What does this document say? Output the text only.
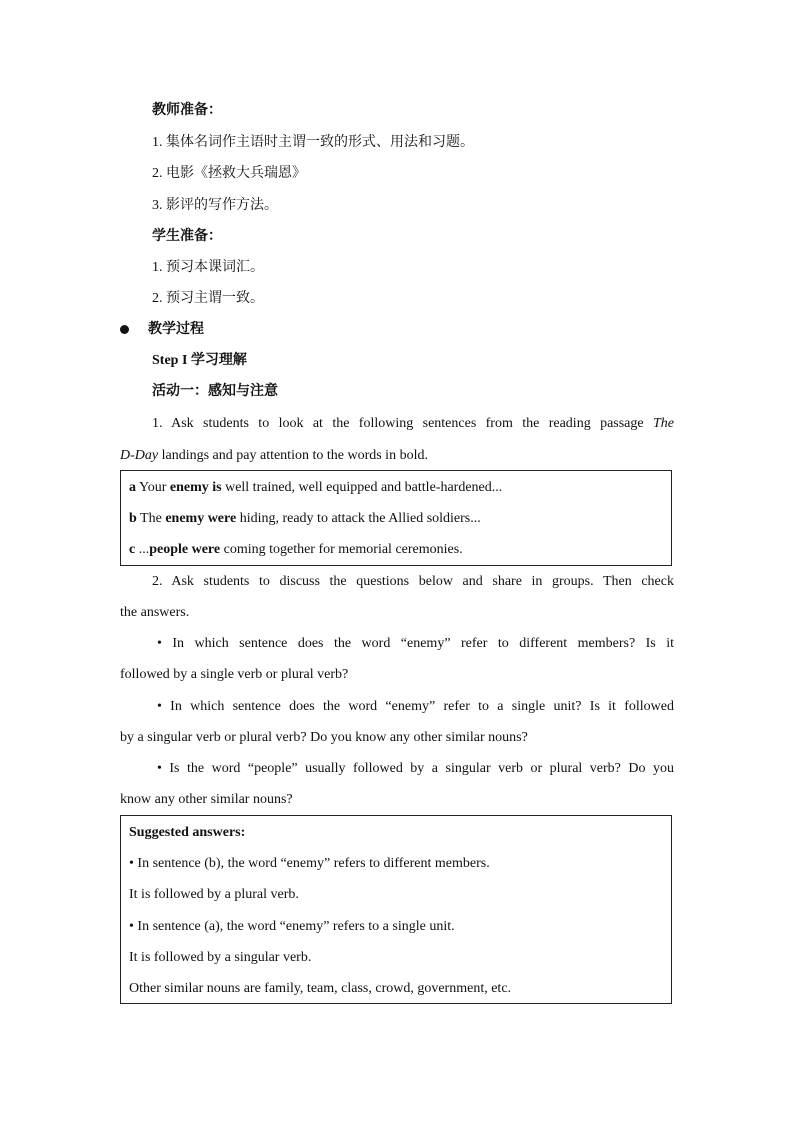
教师准备：
1. 集体名词作主语时主谓一致的形式、用法和习题。
2. 电影《拯救大兵瑞恩》
3. 影评的写作方法。
学生准备：
1. 预习本课词汇。
2. 预习主谓一致。
教学过程
Step I 学习理解
活动一：感知与注意
1. Ask students to look at the following sentences from the reading passage The
D-Day landings and pay attention to the words in bold.
a Your enemy is well trained, well equipped and battle-hardened...
b The enemy were hiding, ready to attack the Allied soldiers...
c ...people were coming together for memorial ceremonies.
2. Ask students to discuss the questions below and share in groups. Then check
the answers.
• In which sentence does the word “enemy” refer to different members? Is it
followed by a single verb or plural verb?
• In which sentence does the word “enemy” refer to a single unit? Is it followed
by a singular verb or plural verb? Do you know any other similar nouns?
• Is the word “people” usually followed by a singular verb or plural verb? Do you
know any other similar nouns?
Suggested answers:
• In sentence (b), the word “enemy” refers to different members.
It is followed by a plural verb.
• In sentence (a), the word “enemy” refers to a single unit.
It is followed by a singular verb.
Other similar nouns are family, team, class, crowd, government, etc.
